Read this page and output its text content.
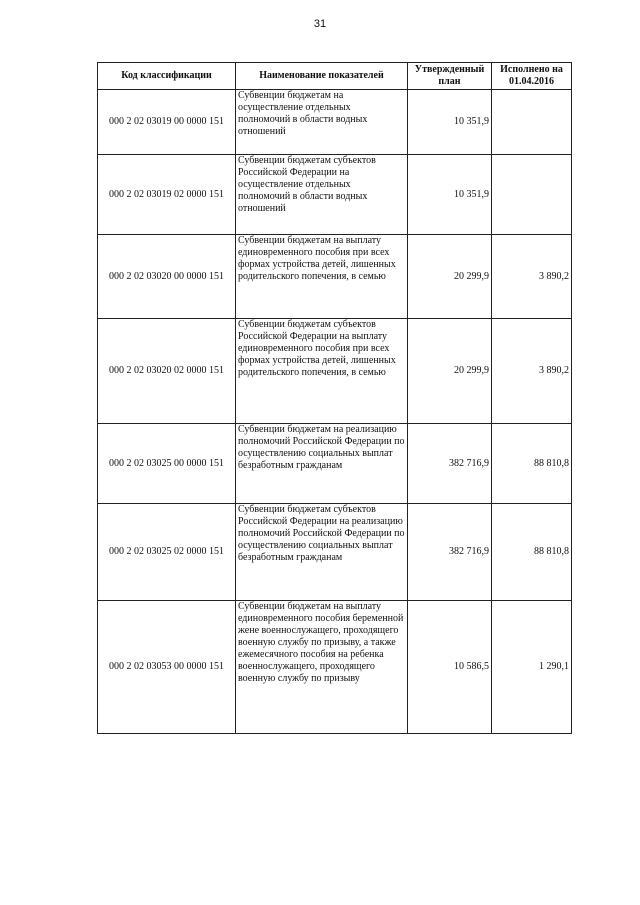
31
Код классификации	Наименование показателей	Утвержденный план	Исполнено на 01.04.2016
000 2 02 03019 00 0000 151	Субвенции бюджетам на осуществление отдельных полномочий в области водных отношений	10 351,9	
000 2 02 03019 02 0000 151	Субвенции бюджетам субъектов Российской Федерации на осуществление отдельных полномочий в области водных отношений	10 351,9	
000 2 02 03020 00 0000 151	Субвенции бюджетам на выплату единовременного пособия при всех формах устройства детей, лишенных родительского попечения, в семью	20 299,9	3 890,2
000 2 02 03020 02 0000 151	Субвенции бюджетам субъектов Российской Федерации на выплату единовременного пособия при всех формах устройства детей, лишенных родительского попечения, в семью	20 299,9	3 890,2
000 2 02 03025 00 0000 151	Субвенции бюджетам на реализацию полномочий Российской Федерации по осуществлению социальных выплат безработным гражданам	382 716,9	88 810,8
000 2 02 03025 02 0000 151	Субвенции бюджетам субъектов Российской Федерации на реализацию полномочий Российской Федерации по осуществлению социальных выплат безработным гражданам	382 716,9	88 810,8
000 2 02 03053 00 0000 151	Субвенции бюджетам на выплату единовременного пособия беременной жене военнослужащего, проходящего военную службу по призыву, а также ежемесячного пособия на ребенка военнослужащего, проходящего военную службу по призыву	10 586,5	1 290,1
